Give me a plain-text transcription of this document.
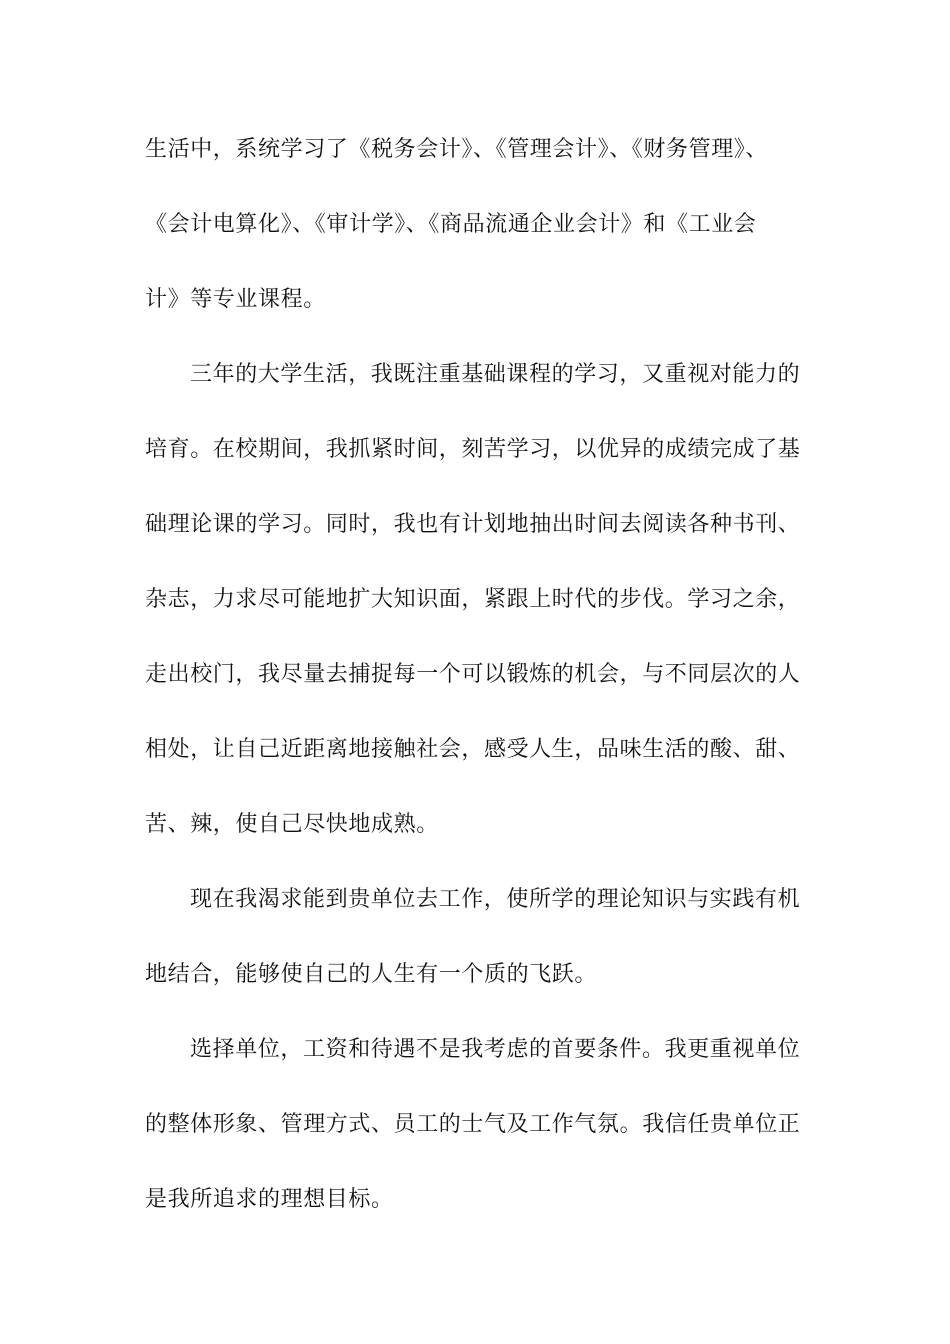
生活中，系统学习了《税务会计》、《管理会计》、《财务管理》、
《会计电算化》、《审计学》、《商品流通企业会计》和《工业会
计》等专业课程。
三年的大学生活，我既注重基础课程的学习，又重视对能力的
培育。在校期间，我抓紧时间，刻苦学习，以优异的成绩完成了基
础理论课的学习。同时，我也有计划地抽出时间去阅读各种书刊、
杂志，力求尽可能地扩大知识面，紧跟上时代的步伐。学习之余，
走出校门，我尽量去捕捉每一个可以锻炼的机会，与不同层次的人
相处，让自己近距离地接触社会，感受人生，品味生活的酸、甜、
苦、辣，使自己尽快地成熟。
现在我渴求能到贵单位去工作，使所学的理论知识与实践有机
地结合，能够使自己的人生有一个质的飞跃。
选择单位，工资和待遇不是我考虑的首要条件。我更重视单位
的整体形象、管理方式、员工的士气及工作气氛。我信任贵单位正
是我所追求的理想目标。
